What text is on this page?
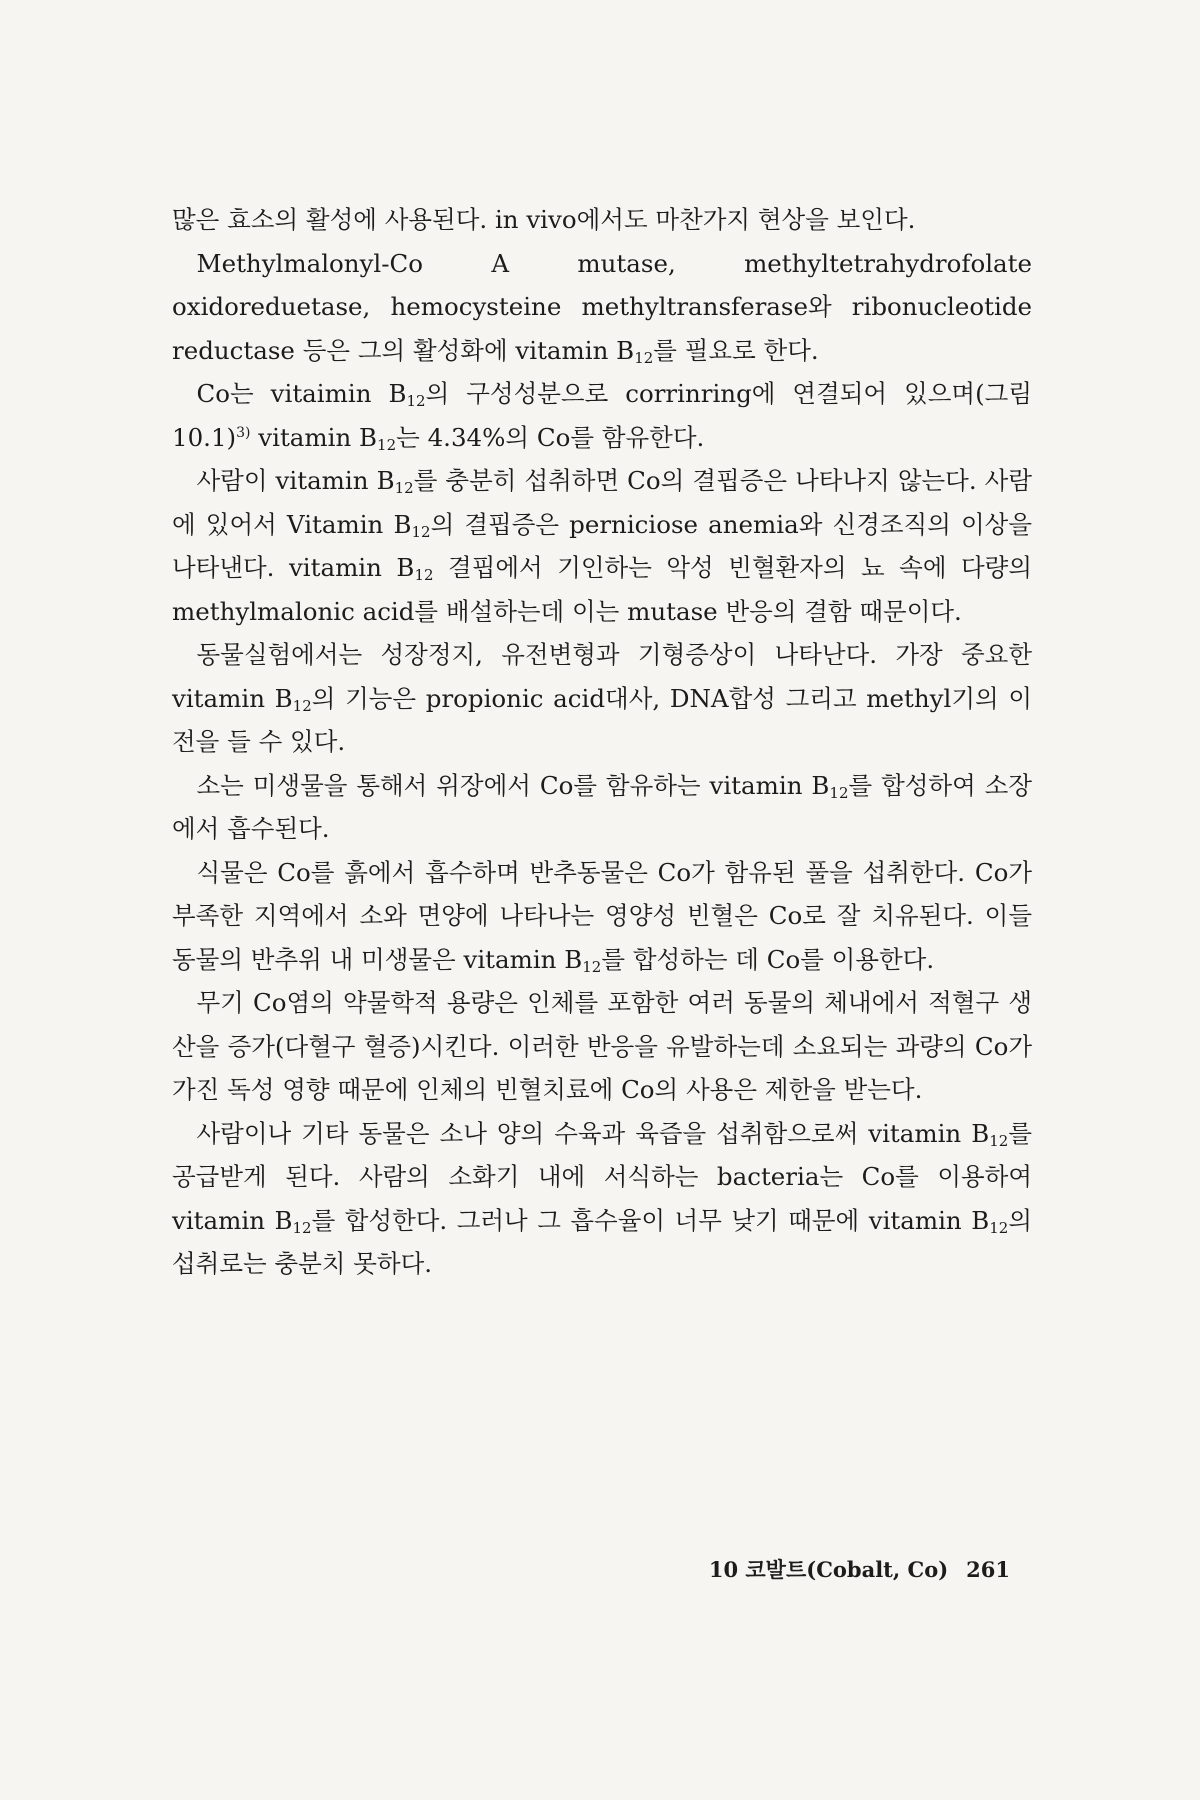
많은 효소의 활성에 사용된다. in vivo에서도 마찬가지 현상을 보인다.

Methylmalonyl-Co A mutase, methyltetrahydrofolate oxidoreduetase, hemocysteine methyltransferase와 ribonucleotide reductase 등은 그의 활성화에 vitamin $B_{12}$를 필요로 한다.

Co는 vitaimin $B_{12}$의 구성성분으로 corrinring에 연결되어 있으며(그림 10.1)$^{3)}$ vitamin $B_{12}$는 4.34%의 Co를 함유한다.

사람이 vitamin $B_{12}$를 충분히 섭취하면 Co의 결핍증은 나타나지 않는다. 사람에 있어서 Vitamin $B_{12}$의 결핍증은 perniciose anemia와 신경조직의 이상을 나타낸다. vitamin $B_{12}$ 결핍에서 기인하는 악성 빈혈환자의 뇨 속에 다량의 methylmalonic acid를 배설하는데 이는 mutase 반응의 결함 때문이다.

동물실험에서는 성장정지, 유전변형과 기형증상이 나타난다. 가장 중요한 vitamin $B_{12}$의 기능은 propionic acid대사, DNA합성 그리고 methyl기의 이전을 들 수 있다.

소는 미생물을 통해서 위장에서 Co를 함유하는 vitamin $B_{12}$를 합성하여 소장에서 흡수된다.

식물은 Co를 흙에서 흡수하며 반추동물은 Co가 함유된 풀을 섭취한다. Co가 부족한 지역에서 소와 면양에 나타나는 영양성 빈혈은 Co로 잘 치유된다. 이들 동물의 반추위 내 미생물은 vitamin $B_{12}$를 합성하는 데 Co를 이용한다.

무기 Co염의 약물학적 용량은 인체를 포함한 여러 동물의 체내에서 적혈구 생산을 증가(다혈구 혈증)시킨다. 이러한 반응을 유발하는데 소요되는 과량의 Co가 가진 독성 영향 때문에 인체의 빈혈치료에 Co의 사용은 제한을 받는다.

사람이나 기타 동물은 소나 양의 수육과 육즙을 섭취함으로써 vitamin $B_{12}$를 공급받게 된다. 사람의 소화기 내에 서식하는 bacteria는 Co를 이용하여 vitamin $B_{12}$를 합성한다. 그러나 그 흡수율이 너무 낮기 때문에 vitamin $B_{12}$의 섭취로는 충분치 못하다.

10 코발트(Cobalt, Co) 261
